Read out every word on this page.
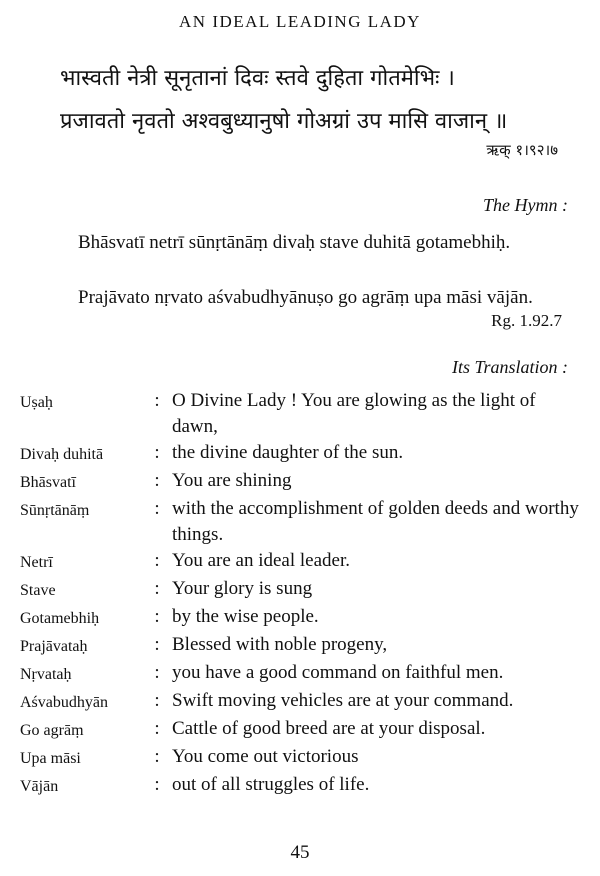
AN IDEAL LEADING LADY
भास्वती नेत्री सूनृतानां दिवः स्तवे दुहिता गोतमेभिः ।
प्रजावतो नृवतो अश्वबुध्यानुषो गोअग्रां उप मासि वाजान् ॥
ऋक् १।९२।७
The Hymn :

Bhāsvatī netrī sūnṛtānāṃ divaḥ stave duhitā gotamebhiḥ.

Prajāvato nṛvato aśvabudhyānuṣo go agrāṃ upa māsi vājān.

Rg. 1.92.7
Its Translation :
Uṣaḥ	: O Divine Lady ! You are glowing as the light of dawn,
Divaḥ duhitā	: the divine daughter of the sun.
Bhāsvatī	: You are shining
Sūnṛtānāṃ	: with the accomplishment of golden deeds and worthy things.
Netrī	: You are an ideal leader.
Stave	: Your glory is sung
Gotamebhiḥ	: by the wise people.
Prajāvataḥ	: Blessed with noble progeny,
Nṛvataḥ	: you have a good command on faithful men.
Aśvabudhyān	: Swift moving vehicles are at your command.
Go agrāṃ	: Cattle of good breed are at your disposal.
Upa māsi	: You come out victorious
Vājān	: out of all struggles of life.
45
